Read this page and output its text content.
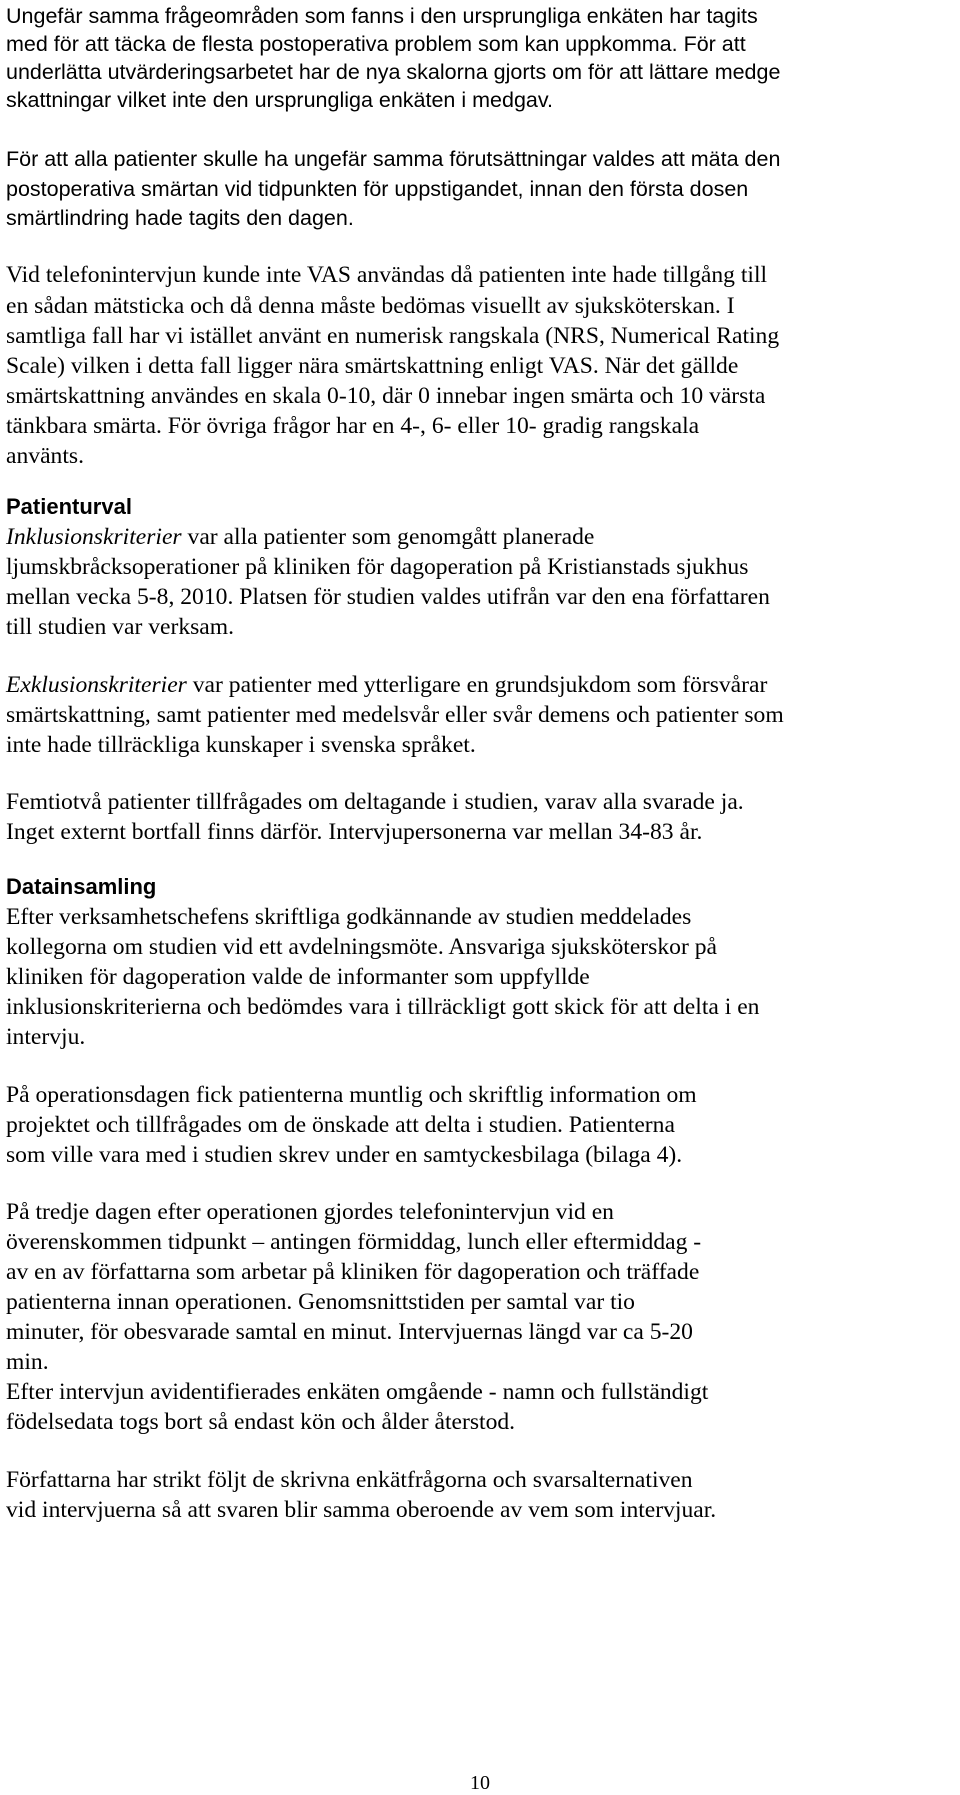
Ungefär samma frågeområden som fanns i den ursprungliga enkäten har tagits
med för att täcka de flesta postoperativa problem som kan uppkomma. För att
underlätta utvärderingsarbetet har de nya skalorna gjorts om för att lättare medge
skattningar vilket inte den ursprungliga enkäten i medgav.
För att alla patienter skulle ha ungefär samma förutsättningar valdes att mäta den
postoperativa smärtan vid tidpunkten för uppstigandet, innan den första dosen
smärtlindring hade tagits den dagen.
Vid telefonintervjun kunde inte VAS användas då patienten inte hade tillgång till
en sådan mätsticka och då denna måste bedömas visuellt av sjuksköterskan. I
samtliga fall har vi istället använt en numerisk rangskala (NRS, Numerical Rating
Scale) vilken i detta fall ligger nära smärtskattning enligt VAS. När det gällde
smärtskattning användes en skala 0-10, där 0 innebar ingen smärta och 10 värsta
tänkbara smärta. För övriga frågor har en 4-, 6- eller 10- gradig rangskala
använts.
Patienturval
Inklusionskriterier var alla patienter som genomgått planerade
ljumskbråcksoperationer på kliniken för dagoperation på Kristianstads sjukhus
mellan vecka 5-8, 2010. Platsen för studien valdes utifrån var den ena författaren
till studien var verksam.
Exklusionskriterier var patienter med ytterligare en grundsjukdom som försvårar
smärtskattning, samt patienter med medelsvår eller svår demens och patienter som
inte hade tillräckliga kunskaper i svenska språket.
Femtiotvå patienter tillfrågades om deltagande i studien, varav alla svarade ja.
Inget externt bortfall finns därför. Intervjupersonerna var mellan 34-83 år.
Datainsamling
Efter verksamhetschefens skriftliga godkännande av studien meddelades
kollegorna om studien vid ett avdelningsmöte. Ansvariga sjuksköterskor på
kliniken för dagoperation valde de informanter som uppfyllde
inklusionskriterierna och bedömdes vara i tillräckligt gott skick för att delta i en
intervju.
På operationsdagen fick patienterna muntlig och skriftlig information om
projektet och tillfrågades om de önskade att delta i studien. Patienterna
som ville vara med i studien skrev under en samtyckesbilaga (bilaga 4).
På tredje dagen efter operationen gjordes telefonintervjun vid en
överenskommen tidpunkt – antingen förmiddag, lunch eller eftermiddag -
av en av författarna som arbetar på kliniken för dagoperation och träffade
patienterna innan operationen. Genomsnittstiden per samtal var tio
minuter, för obesvarade samtal en minut. Intervjuernas längd var ca 5-20
min.
Efter intervjun avidentifierades enkäten omgående - namn och fullständigt
födelsedata togs bort så endast kön och ålder återstod.
Författarna har strikt följt de skrivna enkätfrågorna och svarsalternativen
vid intervjuerna så att svaren blir samma oberoende av vem som intervjuar.
10
